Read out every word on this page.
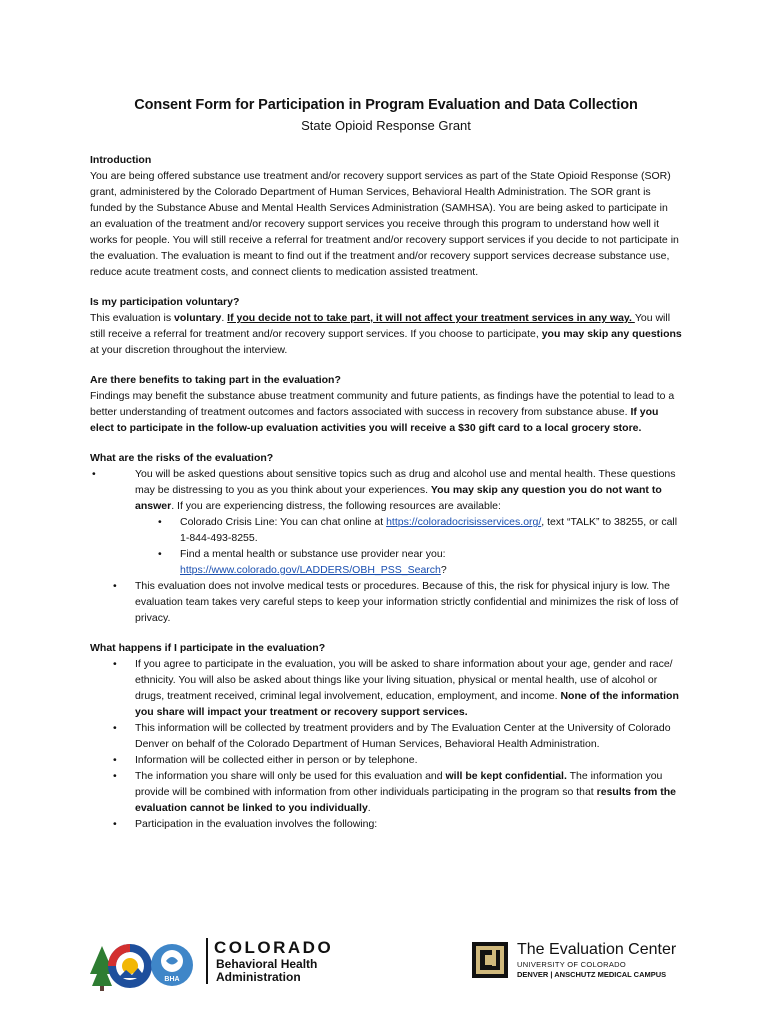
Consent Form for Participation in Program Evaluation and Data Collection
State Opioid Response Grant
Introduction

You are being offered substance use treatment and/or recovery support services as part of the State Opioid Response (SOR) grant, administered by the Colorado Department of Human Services, Behavioral Health Administration. The SOR grant is funded by the Substance Abuse and Mental Health Services Administration (SAMHSA). You are being asked to participate in an evaluation of the treatment and/or recovery support services you receive through this program to understand how well it works for people. You will still receive a referral for treatment and/or recovery support services if you decide to not participate in the evaluation. The evaluation is meant to find out if the treatment and/or recovery support services decrease substance use, reduce acute treatment costs, and connect clients to medication assisted treatment.

Is my participation voluntary?

This evaluation is voluntary. If you decide not to take part, it will not affect your treatment services in any way. You will still receive a referral for treatment and/or recovery support services. If you choose to participate, you may skip any questions at your discretion throughout the interview.

Are there benefits to taking part in the evaluation?

Findings may benefit the substance abuse treatment community and future patients, as findings have the potential to lead to a better understanding of treatment outcomes and factors associated with success in recovery from substance abuse. If you elect to participate in the follow-up evaluation activities you will receive a $30 gift card to a local grocery store.

What are the risks of the evaluation?
• You will be asked questions about sensitive topics such as drug and alcohol use and mental health. These questions may be distressing to you as you think about your experiences. You may skip any question you do not want to answer. If you are experiencing distress, the following resources are available:
• Colorado Crisis Line: You can chat online at https://coloradocrisisservices.org/, text “TALK” to 38255, or call 1-844-493-8255.
• Find a mental health or substance use provider near you: https://www.colorado.gov/LADDERS/OBH_PSS_Search?
• This evaluation does not involve medical tests or procedures. Because of this, the risk for physical injury is low. The evaluation team takes very careful steps to keep your information strictly confidential and minimizes the risk of loss of privacy.
What happens if I participate in the evaluation?
• If you agree to participate in the evaluation, you will be asked to share information about your age, gender and race/ ethnicity. You will also be asked about things like your living situation, physical or mental health, use of alcohol or drugs, treatment received, criminal legal involvement, education, employment, and income. None of the information you share will impact your treatment or recovery support services.
• This information will be collected by treatment providers and by The Evaluation Center at the University of Colorado Denver on behalf of the Colorado Department of Human Services, Behavioral Health Administration.
• Information will be collected either in person or by telephone.
• The information you share will only be used for this evaluation and will be kept confidential. The information you provide will be combined with information from other individuals participating in the program so that results from the evaluation cannot be linked to you individually.
• Participation in the evaluation involves the following:
BHA
COLORADO
Behavioral Health
Administration
The Evaluation Center
UNIVERSITY OF COLORADO
DENVER | ANSCHUTZ MEDICAL CAMPUS
